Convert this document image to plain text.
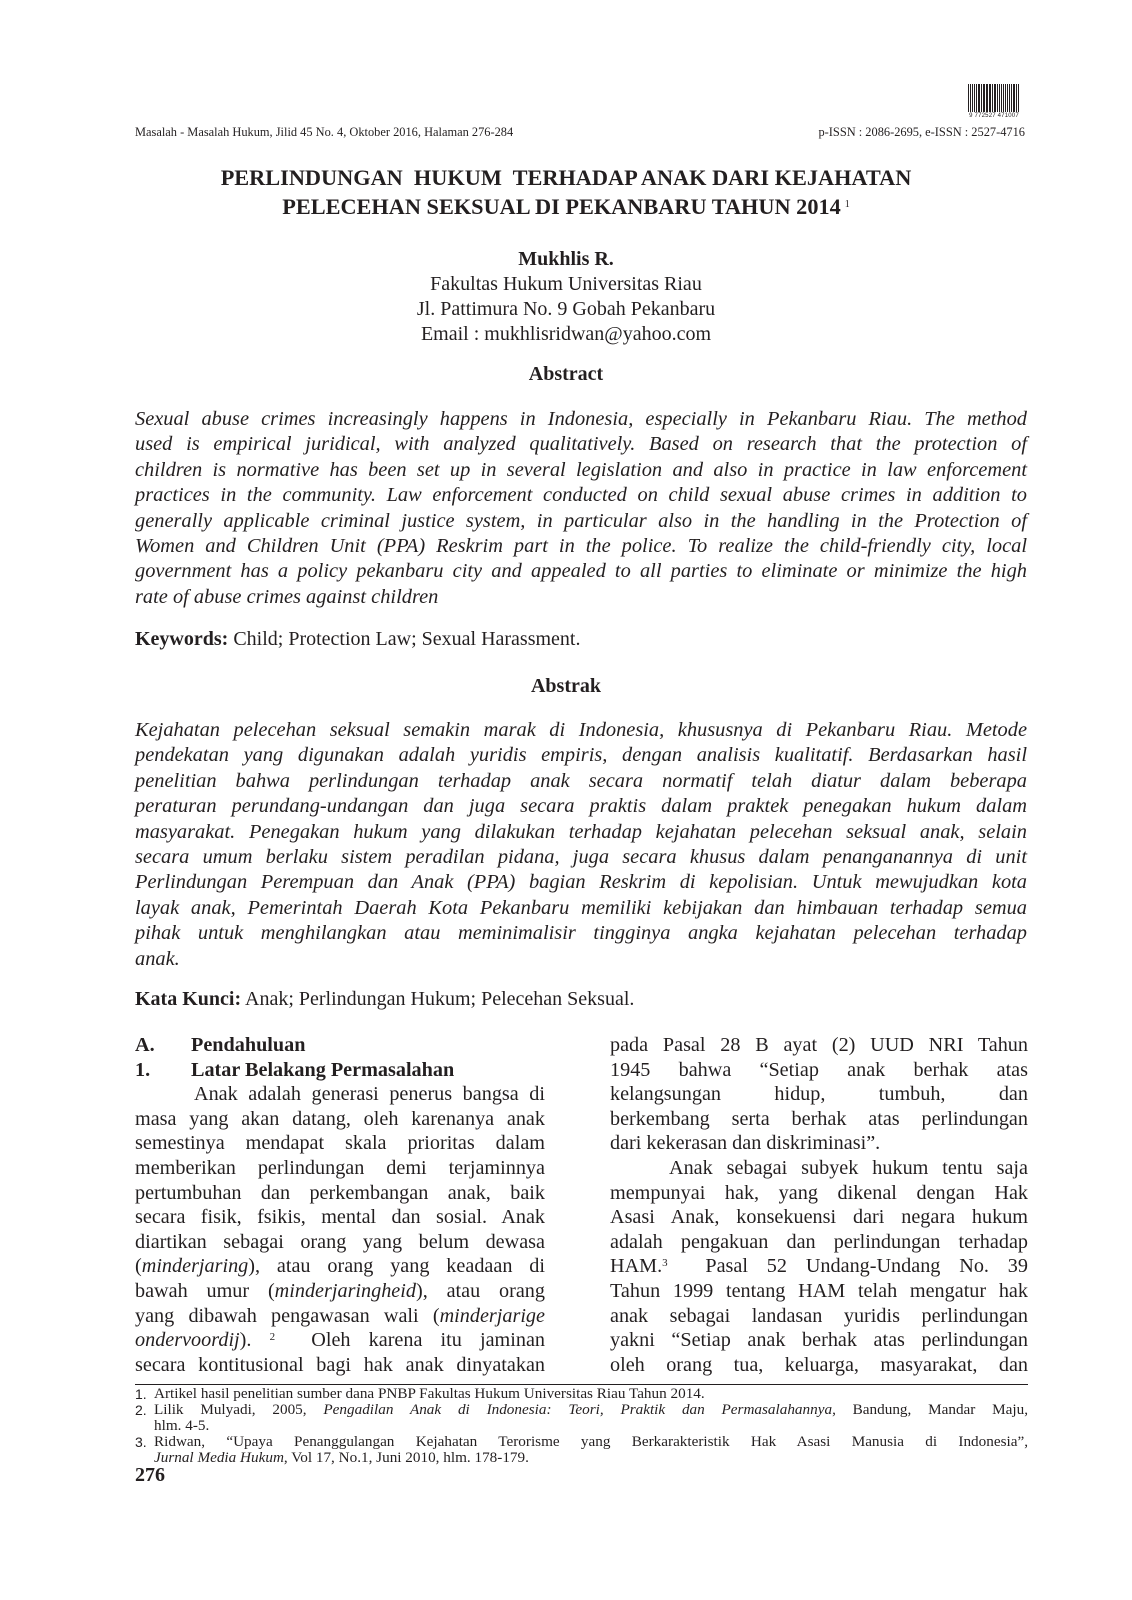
9 772527 471007
Masalah - Masalah Hukum, Jilid 45 No. 4, Oktober 2016, Halaman 276-284	p-ISSN : 2086-2695, e-ISSN : 2527-4716
PERLINDUNGAN  HUKUM  TERHADAP ANAK DARI KEJAHATAN
PELECEHAN SEKSUAL DI PEKANBARU TAHUN 2014 $^1$
Mukhlis R.
Fakultas Hukum Universitas Riau
Jl. Pattimura No. 9 Gobah Pekanbaru
Email : mukhlisridwan@yahoo.com
Abstract
Sexual abuse crimes increasingly happens in Indonesia, especially in Pekanbaru Riau. The method
used is empirical juridical, with analyzed qualitatively. Based on research that the protection of
children is normative has been set up in several legislation and also in practice in law enforcement
practices in the community. Law enforcement conducted on child sexual abuse crimes in addition to
generally applicable criminal justice system, in particular also in the handling in the Protection of
Women and Children Unit (PPA) Reskrim part in the police. To realize the child-friendly city, local
government has a policy pekanbaru city and appealed to all parties to eliminate or minimize the high
rate of abuse crimes against children
Keywords: Child; Protection Law; Sexual Harassment.
Abstrak
Kejahatan pelecehan seksual semakin marak di Indonesia, khususnya di Pekanbaru Riau. Metode
pendekatan yang digunakan adalah yuridis empiris, dengan analisis kualitatif. Berdasarkan hasil
penelitian bahwa perlindungan terhadap anak secara normatif telah diatur dalam beberapa
peraturan perundang-undangan dan juga secara praktis dalam praktek penegakan hukum dalam
masyarakat. Penegakan hukum yang dilakukan terhadap kejahatan pelecehan seksual anak, selain
secara umum berlaku sistem peradilan pidana, juga secara khusus dalam penanganannya di unit
Perlindungan Perempuan dan Anak (PPA) bagian Reskrim di kepolisian. Untuk mewujudkan kota
layak anak, Pemerintah Daerah Kota Pekanbaru memiliki kebijakan dan himbauan terhadap semua
pihak untuk menghilangkan atau meminimalisir tingginya angka kejahatan pelecehan terhadap
anak.
Kata Kunci: Anak; Perlindungan Hukum; Pelecehan Seksual.
A. Pendahuluan
1. Latar Belakang Permasalahan
Anak adalah generasi penerus bangsa di
masa yang akan datang, oleh karenanya anak
semestinya mendapat skala prioritas dalam
memberikan perlindungan demi terjaminnya
pertumbuhan dan perkembangan anak, baik
secara fisik, fsikis, mental dan sosial. Anak
diartikan sebagai orang yang belum dewasa
(minderjaring), atau orang yang keadaan di
bawah umur (minderjaringheid), atau orang
yang dibawah pengawasan wali (minderjarige
ondervoordij). $^2$  Oleh karena itu jaminan
secara kontitusional bagi hak anak dinyatakan
pada Pasal 28 B ayat (2) UUD NRI Tahun
1945 bahwa “Setiap anak berhak atas
kelangsungan hidup, tumbuh, dan
berkembang serta berhak atas perlindungan
dari kekerasan dan diskriminasi”.
Anak sebagai subyek hukum tentu saja
mempunyai hak, yang dikenal dengan Hak
Asasi Anak, konsekuensi dari negara hukum
adalah pengakuan dan perlindungan terhadap
HAM.$^3$  Pasal 52 Undang-Undang No. 39
Tahun 1999 tentang HAM telah mengatur hak
anak sebagai landasan yuridis perlindungan
yakni “Setiap anak berhak atas perlindungan
oleh orang tua, keluarga, masyarakat, dan
1. Artikel hasil penelitian sumber dana PNBP Fakultas Hukum Universitas Riau Tahun 2014.
2. Lilik Mulyadi, 2005, Pengadilan Anak di Indonesia: Teori, Praktik dan Permasalahannya, Bandung, Mandar Maju,
hlm. 4-5.
3. Ridwan, “Upaya Penanggulangan Kejahatan Terorisme yang Berkarakteristik Hak Asasi Manusia di Indonesia”,
Jurnal Media Hukum, Vol 17, No.1, Juni 2010, hlm. 178-179.
276
